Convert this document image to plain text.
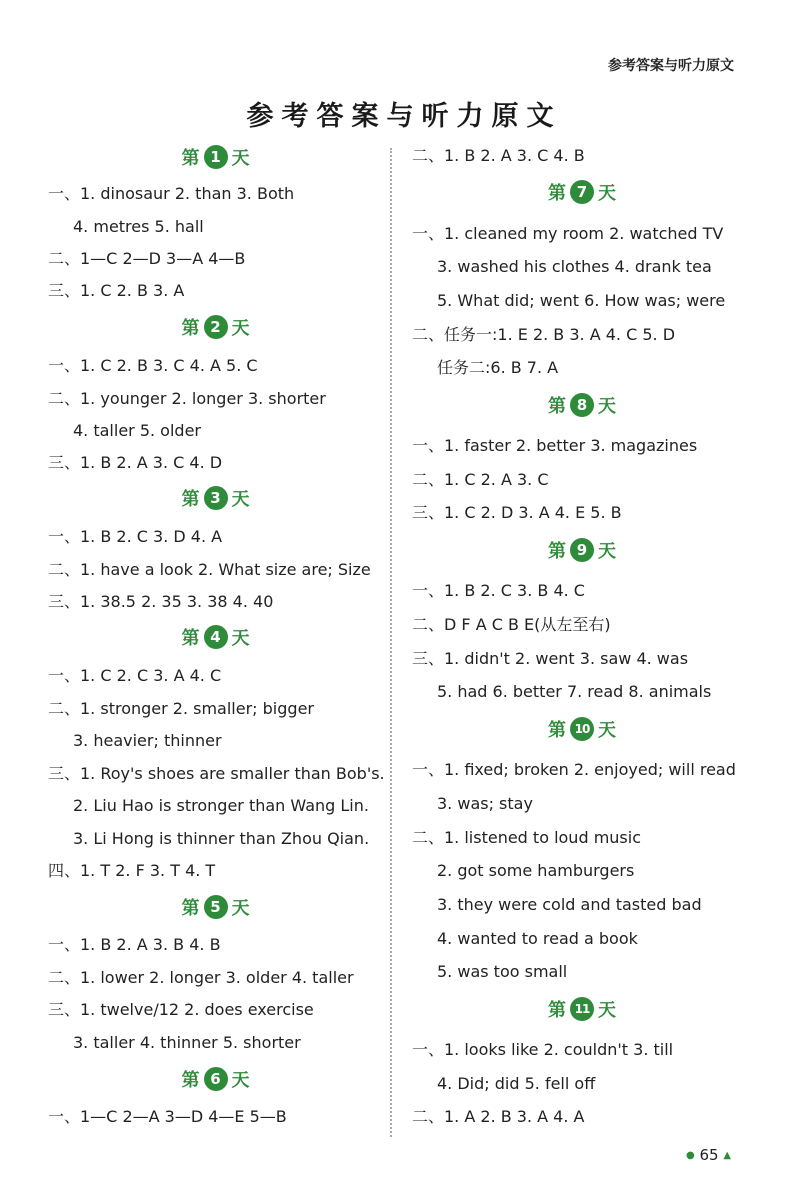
参考答案与听力原文
参考答案与听力原文
第 1 天
一、1. dinosaur 2. than 3. Both
4. metres 5. hall
二、1—C 2—D 3—A 4—B
三、1. C 2. B 3. A
第 2 天
一、1. C 2. B 3. C 4. A 5. C
二、1. younger 2. longer 3. shorter
4. taller 5. older
三、1. B 2. A 3. C 4. D
第 3 天
一、1. B 2. C 3. D 4. A
二、1. have a look 2. What size are; Size
三、1. 38.5 2. 35 3. 38 4. 40
第 4 天
一、1. C 2. C 3. A 4. C
二、1. stronger 2. smaller; bigger
3. heavier; thinner
三、1. Roy's shoes are smaller than Bob's.
2. Liu Hao is stronger than Wang Lin.
3. Li Hong is thinner than Zhou Qian.
四、1. T 2. F 3. T 4. T
第 5 天
一、1. B 2. A 3. B 4. B
二、1. lower 2. longer 3. older 4. taller
三、1. twelve/12 2. does exercise
3. taller 4. thinner 5. shorter
第 6 天
一、1—C 2—A 3—D 4—E 5—B
二、1. B 2. A 3. C 4. B
第 7 天
一、1. cleaned my room 2. watched TV
3. washed his clothes 4. drank tea
5. What did; went 6. How was; were
二、任务一:1. E 2. B 3. A 4. C 5. D
任务二:6. B 7. A
第 8 天
一、1. faster 2. better 3. magazines
二、1. C 2. A 3. C
三、1. C 2. D 3. A 4. E 5. B
第 9 天
一、1. B 2. C 3. B 4. C
二、D F A C B E(从左至右)
三、1. didn't 2. went 3. saw 4. was
5. had 6. better 7. read 8. animals
第 10 天
一、1. fixed; broken 2. enjoyed; will read
3. was; stay
二、1. listened to loud music
2. got some hamburgers
3. they were cold and tasted bad
4. wanted to read a book
5. was too small
第 11 天
一、1. looks like 2. couldn't 3. till
4. Did; did 5. fell off
二、1. A 2. B 3. A 4. A
● 65 ▲
